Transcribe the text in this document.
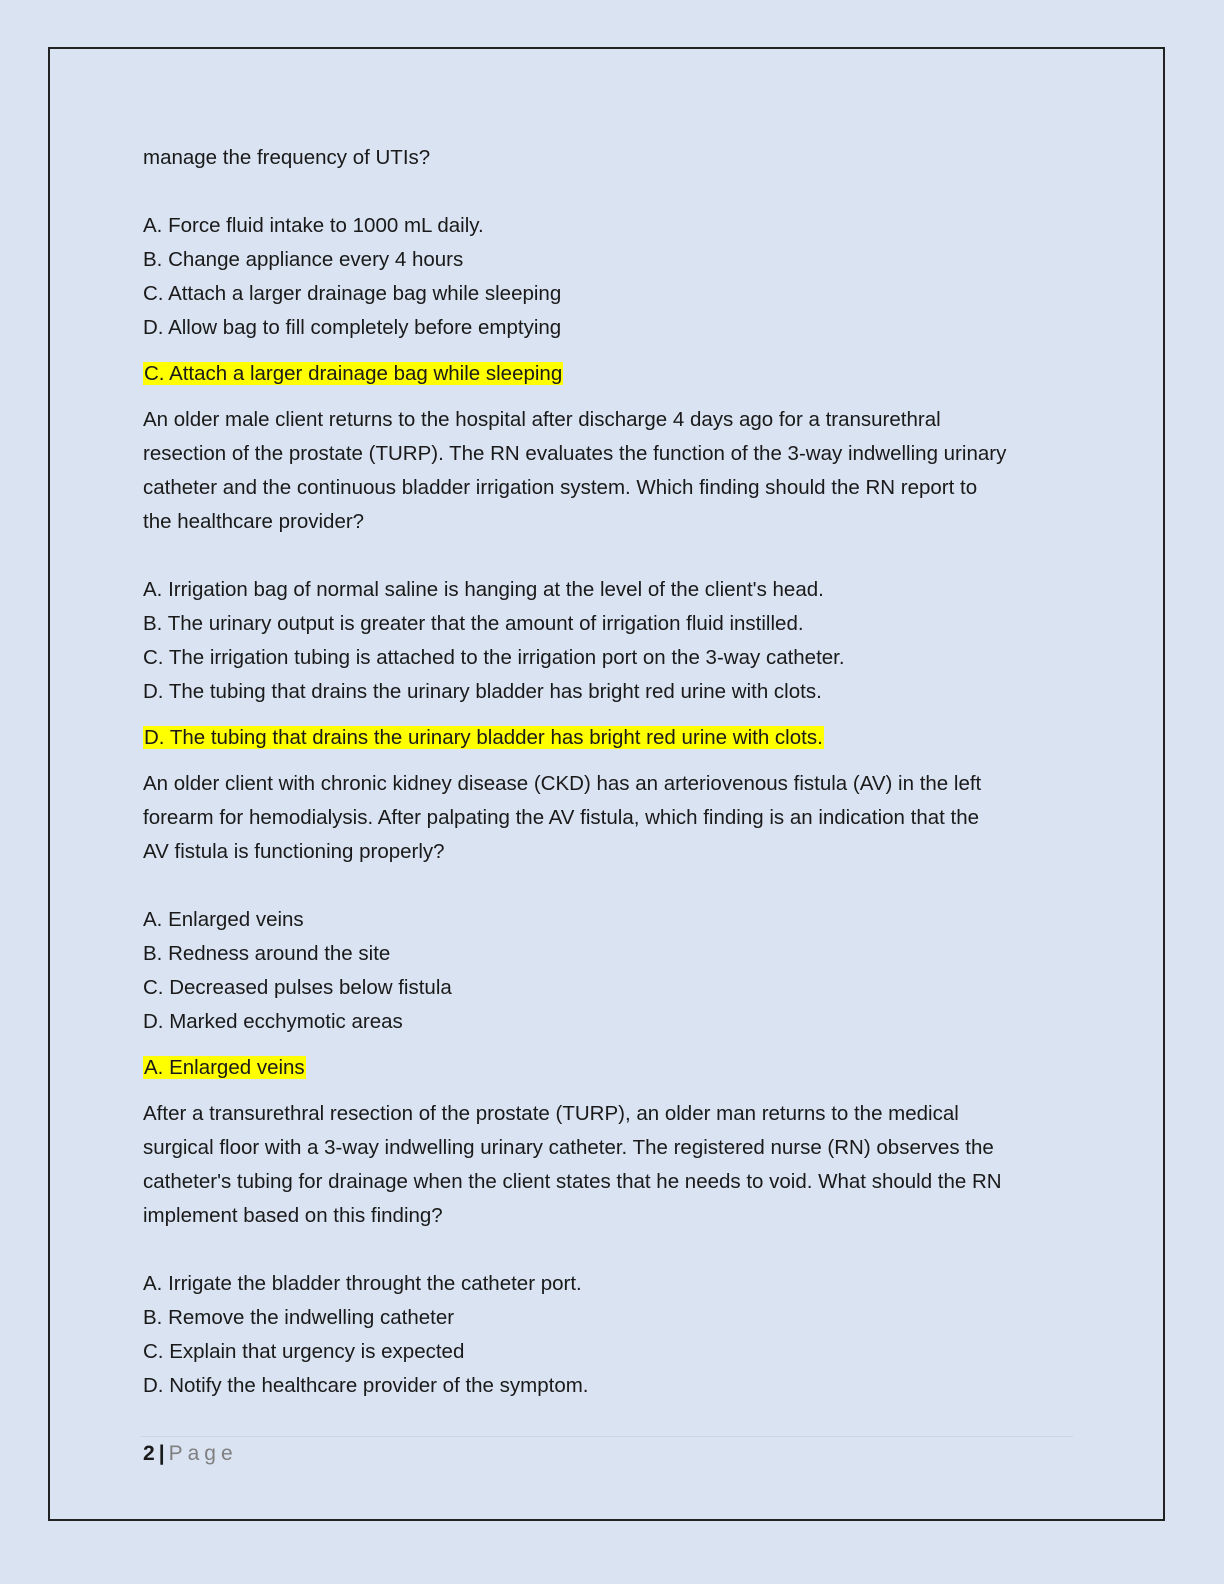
manage the frequency of UTIs?
A. Force fluid intake to 1000 mL daily.
B. Change appliance every 4 hours
C. Attach a larger drainage bag while sleeping
D. Allow bag to fill completely before emptying
C. Attach a larger drainage bag while sleeping
An older male client returns to the hospital after discharge 4 days ago for a transurethral
resection of the prostate (TURP). The RN evaluates the function of the 3-way indwelling urinary
catheter and the continuous bladder irrigation system. Which finding should the RN report to
the healthcare provider?
A. Irrigation bag of normal saline is hanging at the level of the client's head.
B. The urinary output is greater that the amount of irrigation fluid instilled.
C. The irrigation tubing is attached to the irrigation port on the 3-way catheter.
D. The tubing that drains the urinary bladder has bright red urine with clots.
D. The tubing that drains the urinary bladder has bright red urine with clots.
An older client with chronic kidney disease (CKD) has an arteriovenous fistula (AV) in the left
forearm for hemodialysis. After palpating the AV fistula, which finding is an indication that the
AV fistula is functioning properly?
A. Enlarged veins
B. Redness around the site
C. Decreased pulses below fistula
D. Marked ecchymotic areas
A. Enlarged veins
After a transurethral resection of the prostate (TURP), an older man returns to the medical
surgical floor with a 3-way indwelling urinary catheter. The registered nurse (RN) observes the
catheter's tubing for drainage when the client states that he needs to void. What should the RN
implement based on this finding?
A. Irrigate the bladder throught the catheter port.
B. Remove the indwelling catheter
C. Explain that urgency is expected
D. Notify the healthcare provider of the symptom.
2 | Page
